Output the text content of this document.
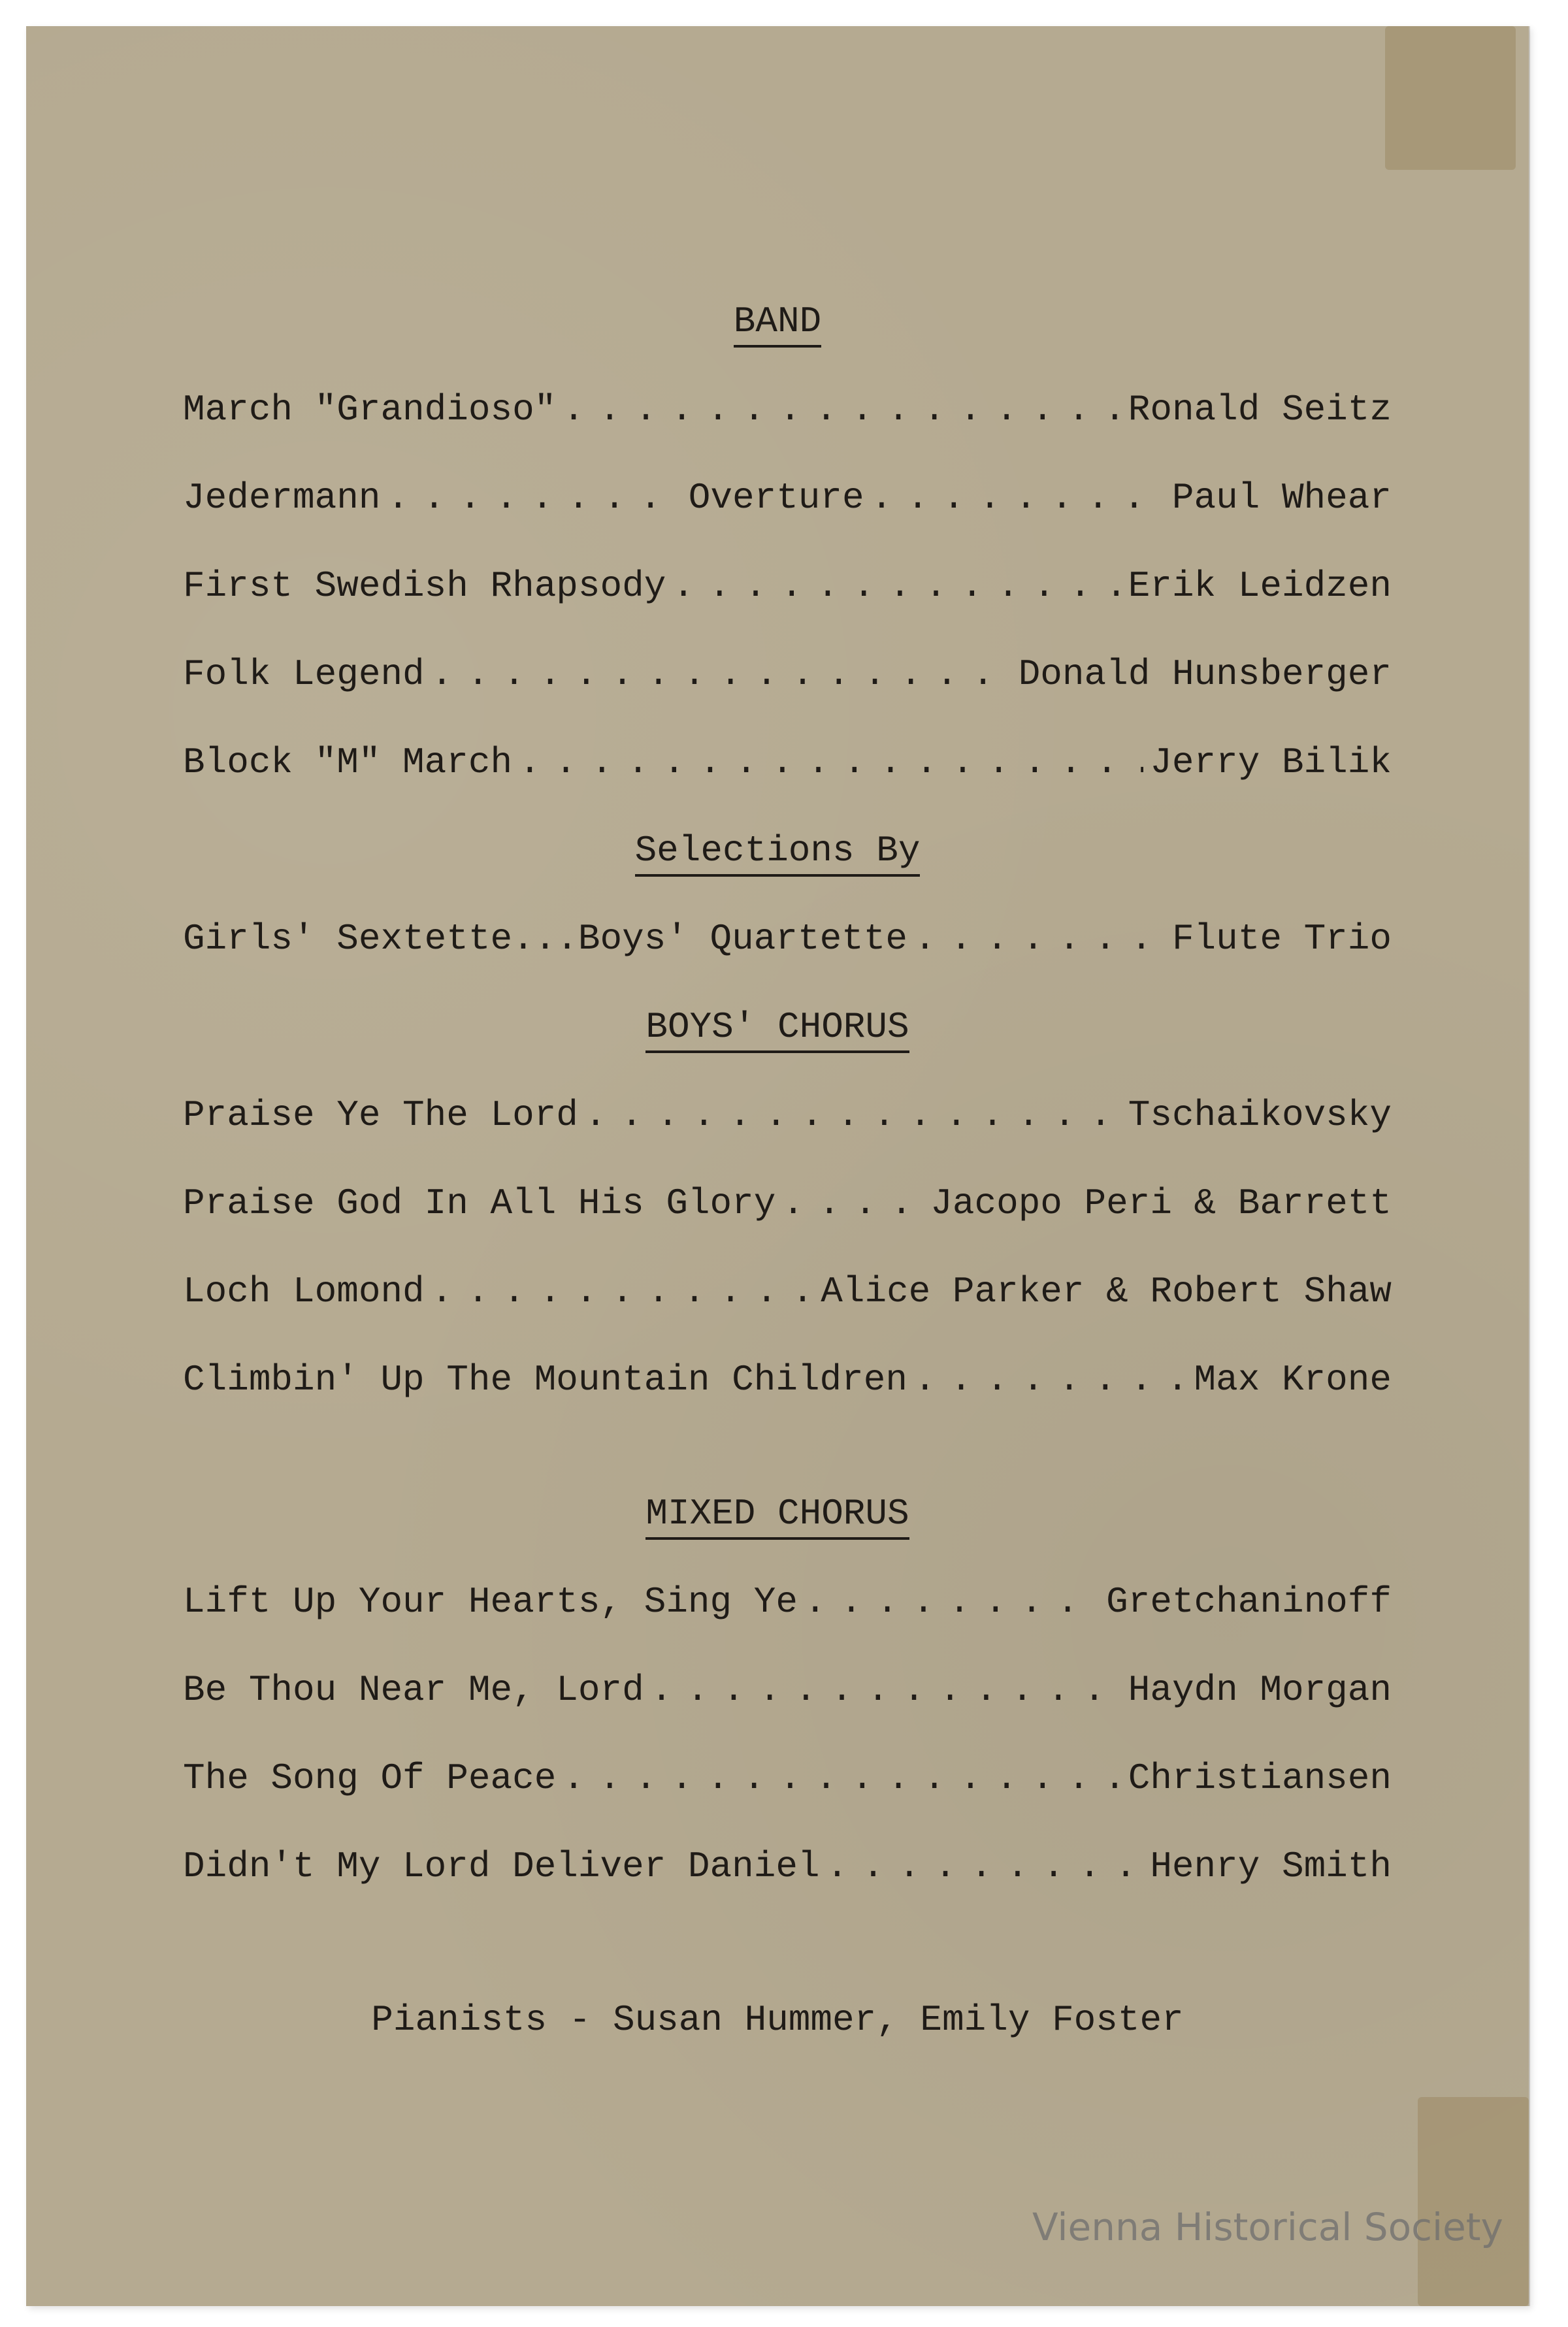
BAND
March "Grandioso" . . .	Ronald Seitz
Jedermann . . .	Overture . . .	Paul Whear
First Swedish Rhapsody . . .	Erik Leidzen
Folk Legend . . .	Donald Hunsberger
Block "M" March . . .	Jerry Bilik
Selections By
Girls' Sextette... Boys' Quartette . . .	Flute Trio
BOYS' CHORUS
Praise Ye The Lord . . .	Tschaikovsky
Praise God In All His Glory . . .	Jacopo Peri & Barrett
Loch Lomond . . .	Alice Parker & Robert Shaw
Climbin' Up The Mountain Children . . .	Max Krone
MIXED CHORUS
Lift Up Your Hearts, Sing Ye . . .	Gretchaninoff
Be Thou Near Me, Lord . . .	Haydn Morgan
The Song Of Peace . . .	Christiansen
Didn't My Lord Deliver Daniel . . .	Henry Smith
Pianists - Susan Hummer, Emily Foster
Vienna Historical Society
